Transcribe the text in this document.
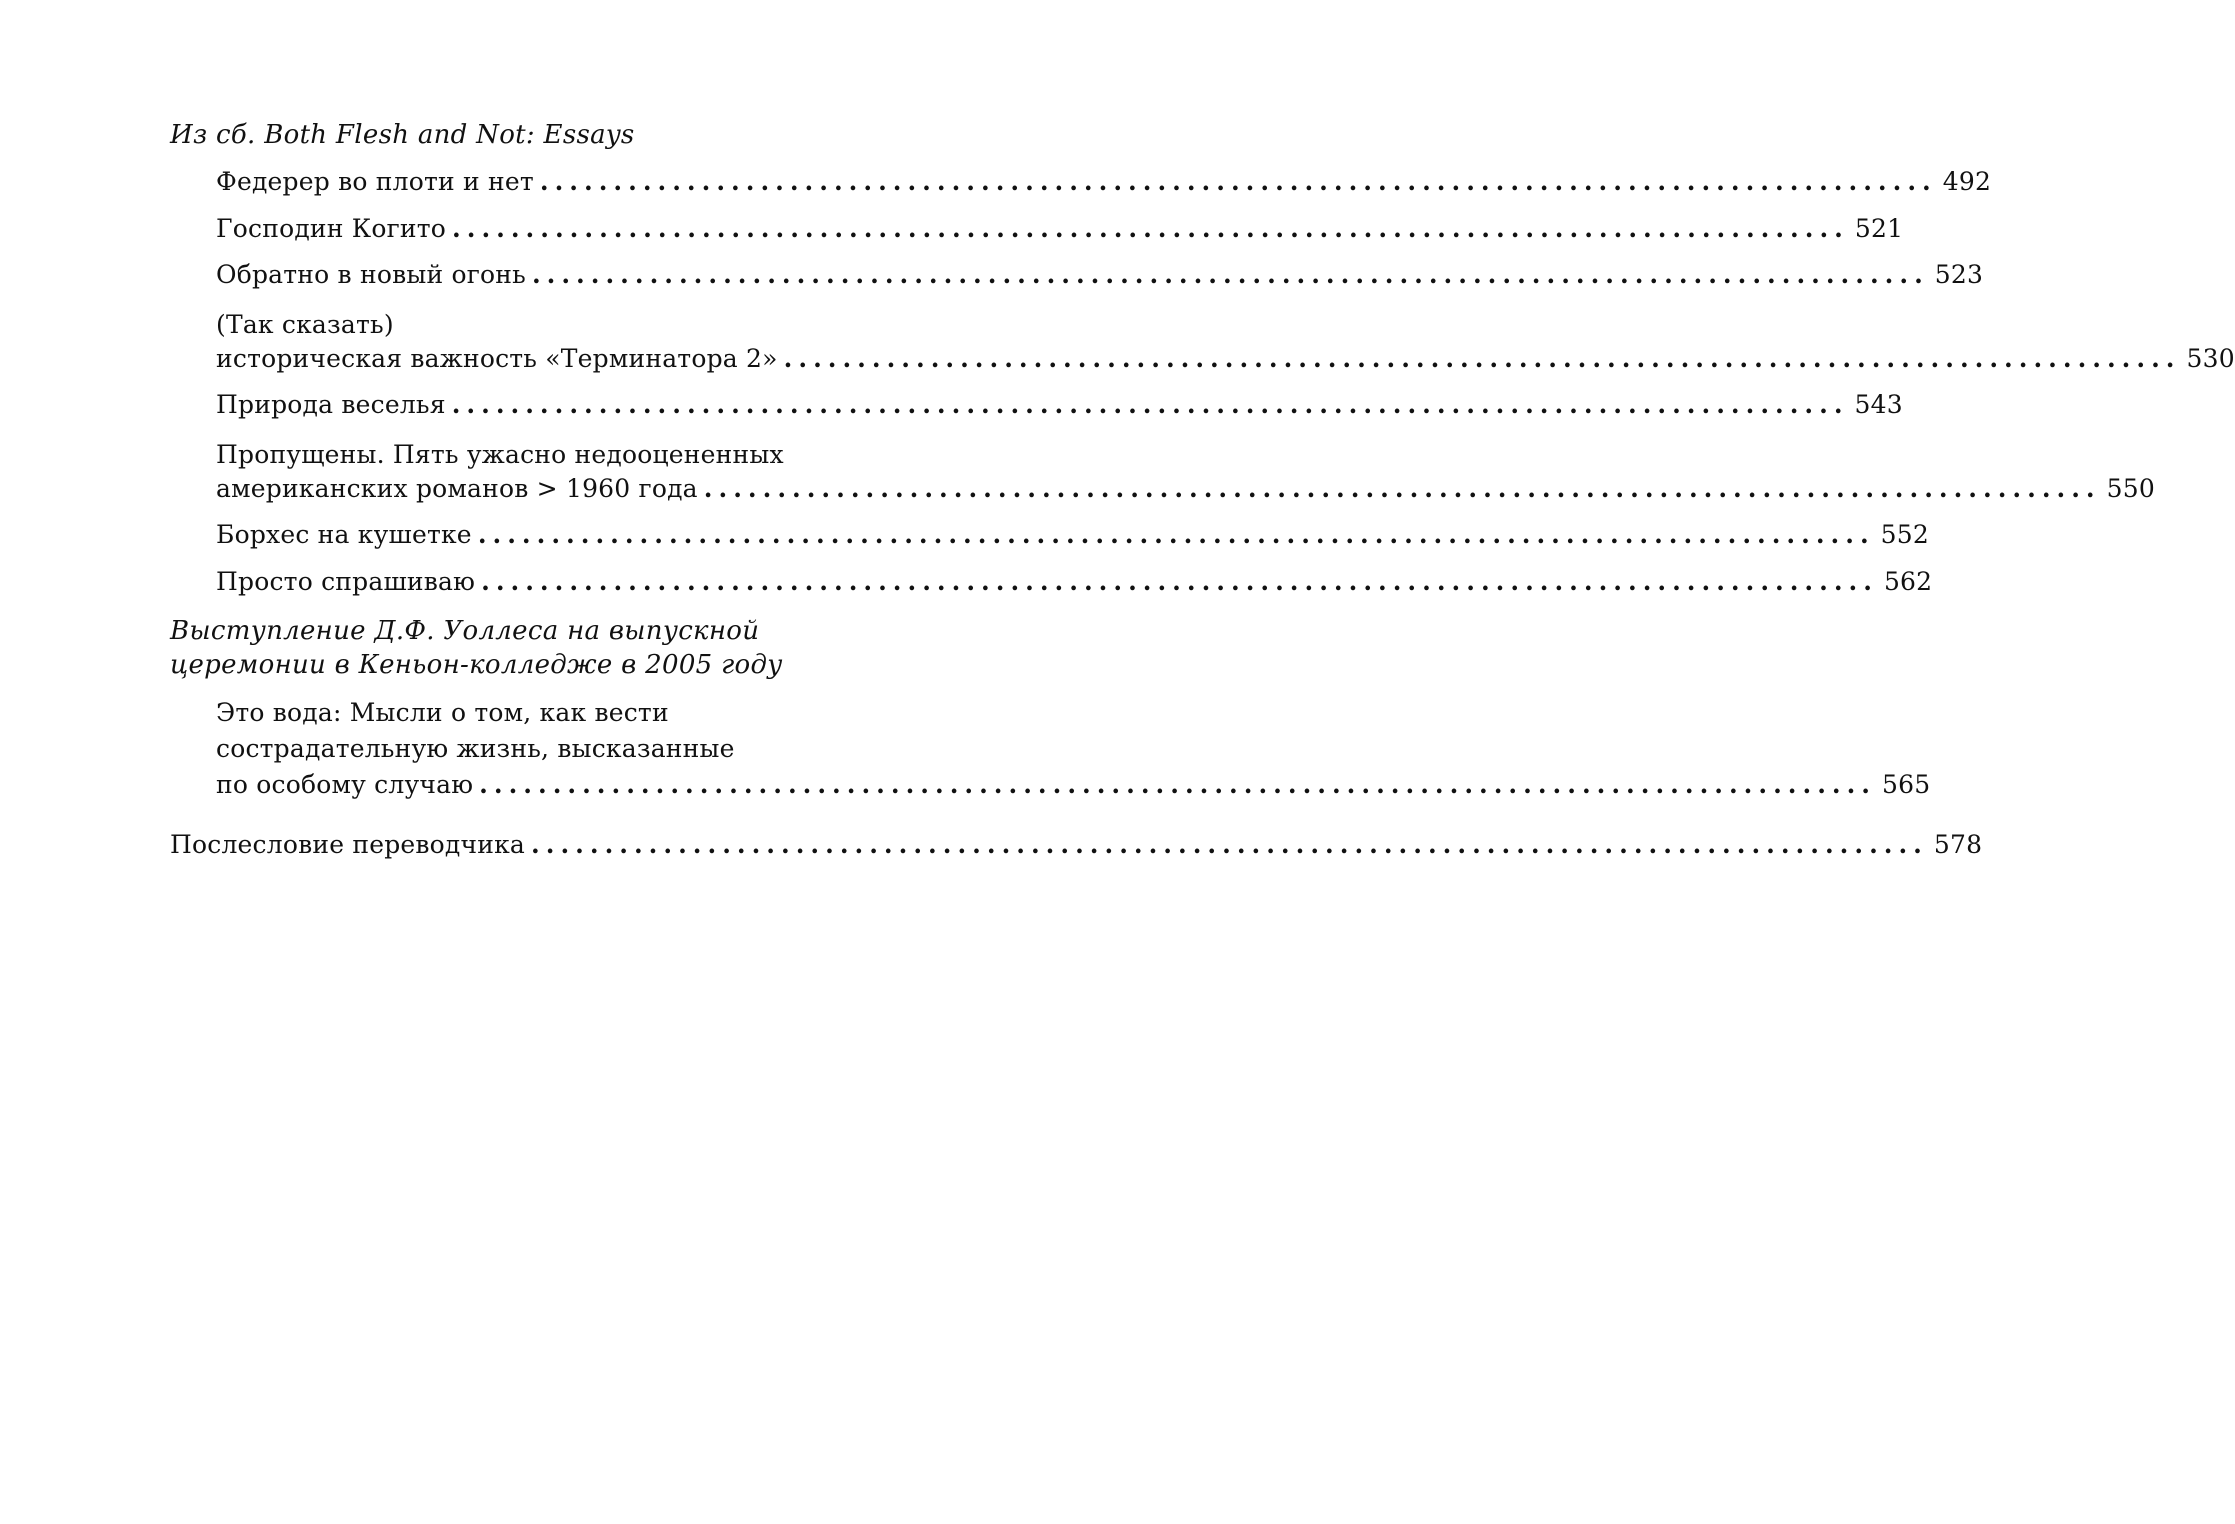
Из сб. Both Flesh and Not: Essays
Федерер во плоти и нет ............................................................................................... 492
Господин Когито ............................................................................................... 521
Обратно в новый огонь ............................................................................................... 523
(Так сказать)
историческая важность «Терминатора 2» ............................................................................................... 530
Природа веселья ............................................................................................... 543
Пропущены. Пять ужасно недооцененных
американских романов > 1960 года ............................................................................................... 550
Борхес на кушетке ............................................................................................... 552
Просто спрашиваю ............................................................................................... 562
Выступление Д.Ф. Уоллеса на выпускной
церемонии в Кеньон-колледже в 2005 году
Это вода: Мысли о том, как вести
сострадательную жизнь, высказанные
по особому случаю ............................................................................................... 565
Послесловие переводчика ............................................................................................... 578
